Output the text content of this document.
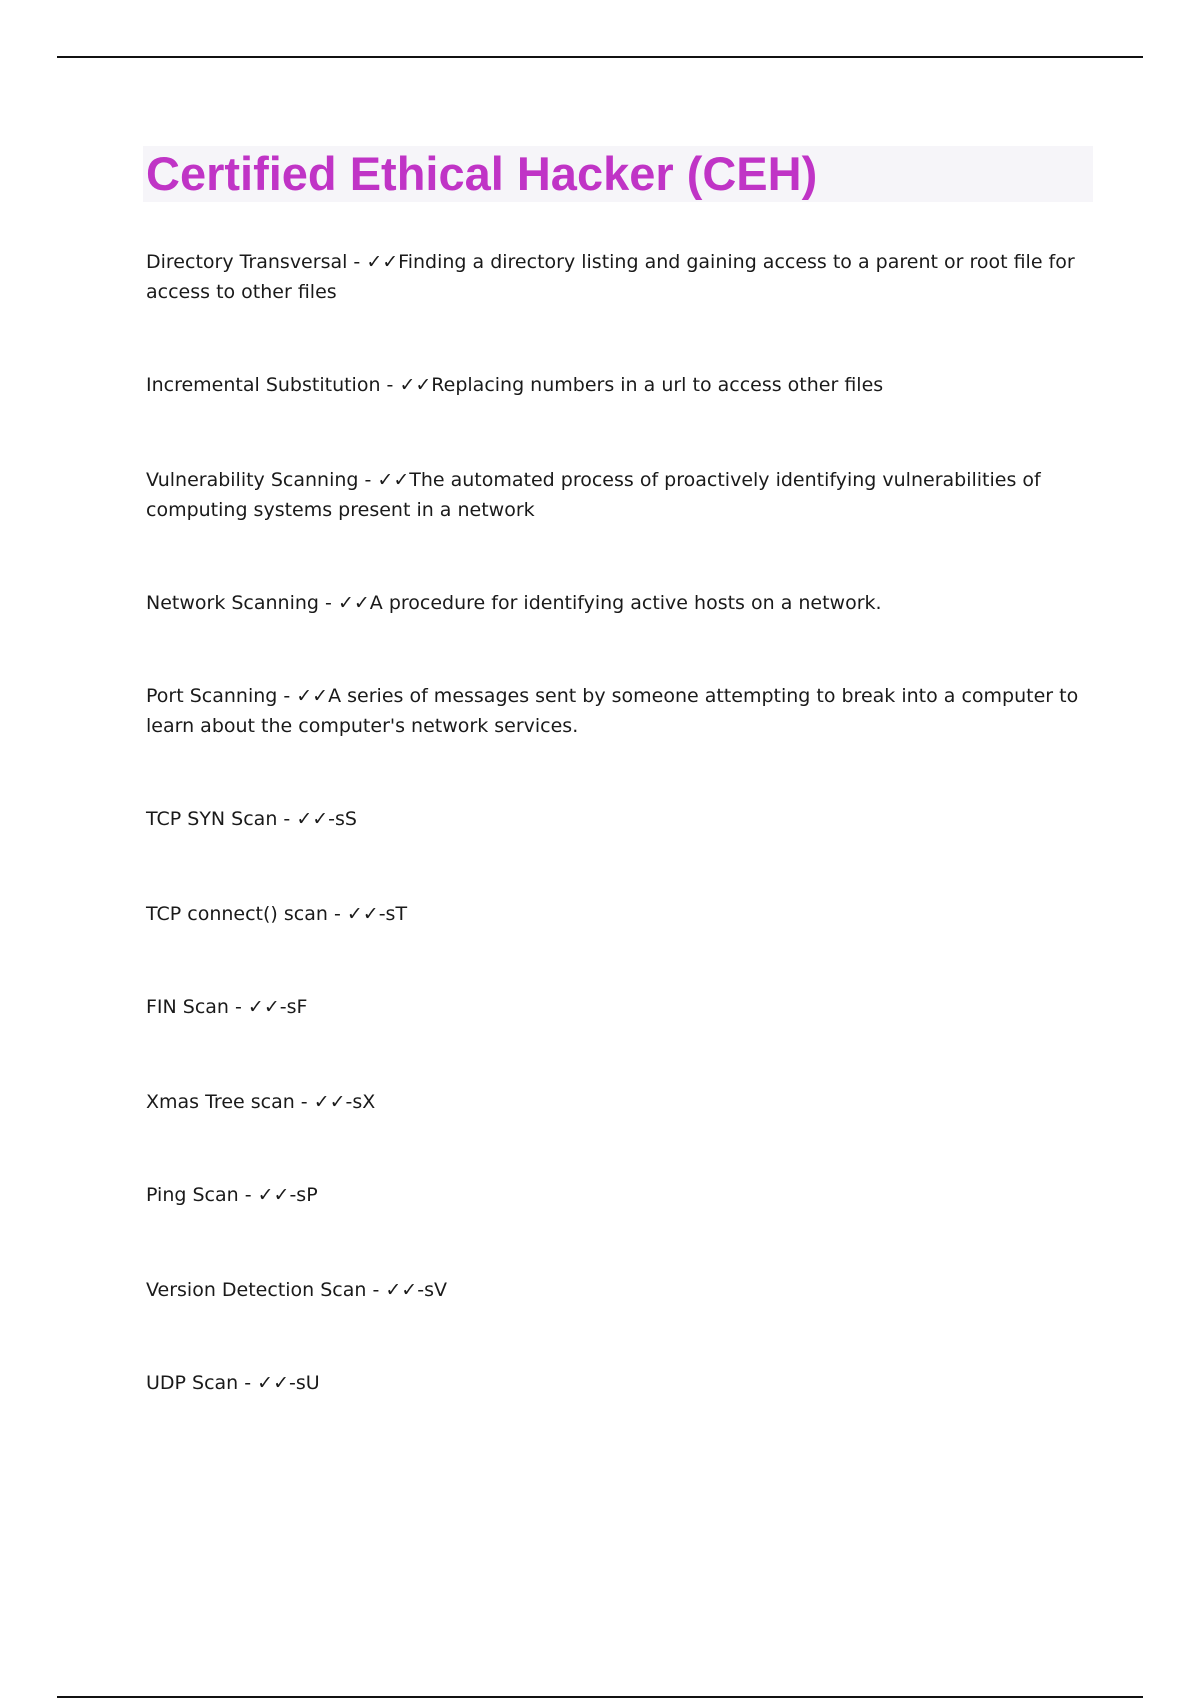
Certified Ethical Hacker (CEH)
Directory Transversal - ✓✓Finding a directory listing and gaining access to a parent or root file for access to other files
Incremental Substitution - ✓✓Replacing numbers in a url to access other files
Vulnerability Scanning - ✓✓The automated process of proactively identifying vulnerabilities of computing systems present in a network
Network Scanning - ✓✓A procedure for identifying active hosts on a network.
Port Scanning - ✓✓A series of messages sent by someone attempting to break into a computer to learn about the computer's network services.
TCP SYN Scan - ✓✓-sS
TCP connect() scan - ✓✓-sT
FIN Scan - ✓✓-sF
Xmas Tree scan - ✓✓-sX
Ping Scan - ✓✓-sP
Version Detection Scan - ✓✓-sV
UDP Scan - ✓✓-sU
